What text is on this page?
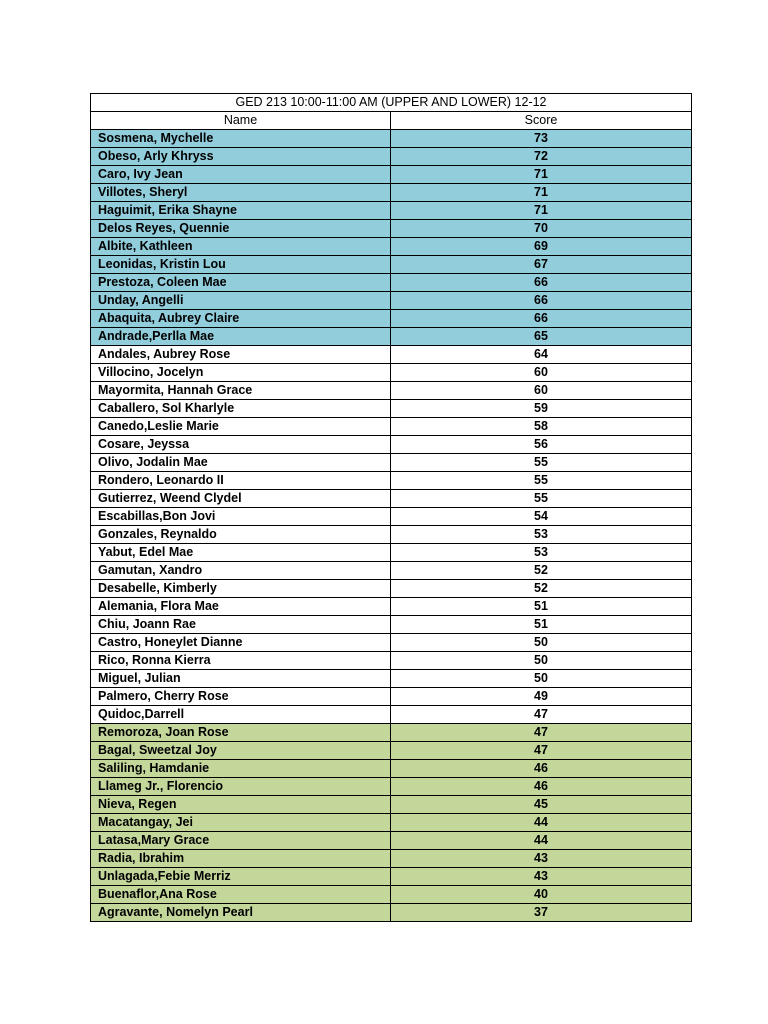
GED 213 10:00-11:00 AM (UPPER AND LOWER) 12-12	
Name	Score
Sosmena, Mychelle	73
Obeso, Arly Khryss	72
Caro, Ivy Jean	71
Villotes, Sheryl	71
Haguimit, Erika Shayne	71
Delos Reyes, Quennie	70
Albite, Kathleen	69
Leonidas, Kristin Lou	67
Prestoza, Coleen Mae	66
Unday, Angelli	66
Abaquita, Aubrey Claire	66
Andrade,Perlla Mae	65
Andales, Aubrey Rose	64
Villocino, Jocelyn	60
Mayormita, Hannah Grace	60
Caballero, Sol Kharlyle	59
Canedo,Leslie Marie	58
Cosare, Jeyssa	56
Olivo, Jodalin Mae	55
Rondero, Leonardo II	55
Gutierrez, Weend Clydel	55
Escabillas,Bon Jovi	54
Gonzales, Reynaldo	53
Yabut, Edel Mae	53
Gamutan, Xandro	52
Desabelle, Kimberly	52
Alemania, Flora Mae	51
Chiu, Joann Rae	51
Castro, Honeylet Dianne	50
Rico, Ronna Kierra	50
Miguel, Julian	50
Palmero, Cherry Rose	49
Quidoc,Darrell	47
Remoroza, Joan Rose	47
Bagal, Sweetzal Joy	47
Saliling, Hamdanie	46
Llameg Jr., Florencio	46
Nieva, Regen	45
Macatangay, Jei	44
Latasa,Mary Grace	44
Radia, Ibrahim	43
Unlagada,Febie Merriz	43
Buenaflor,Ana Rose	40
Agravante, Nomelyn Pearl	37
